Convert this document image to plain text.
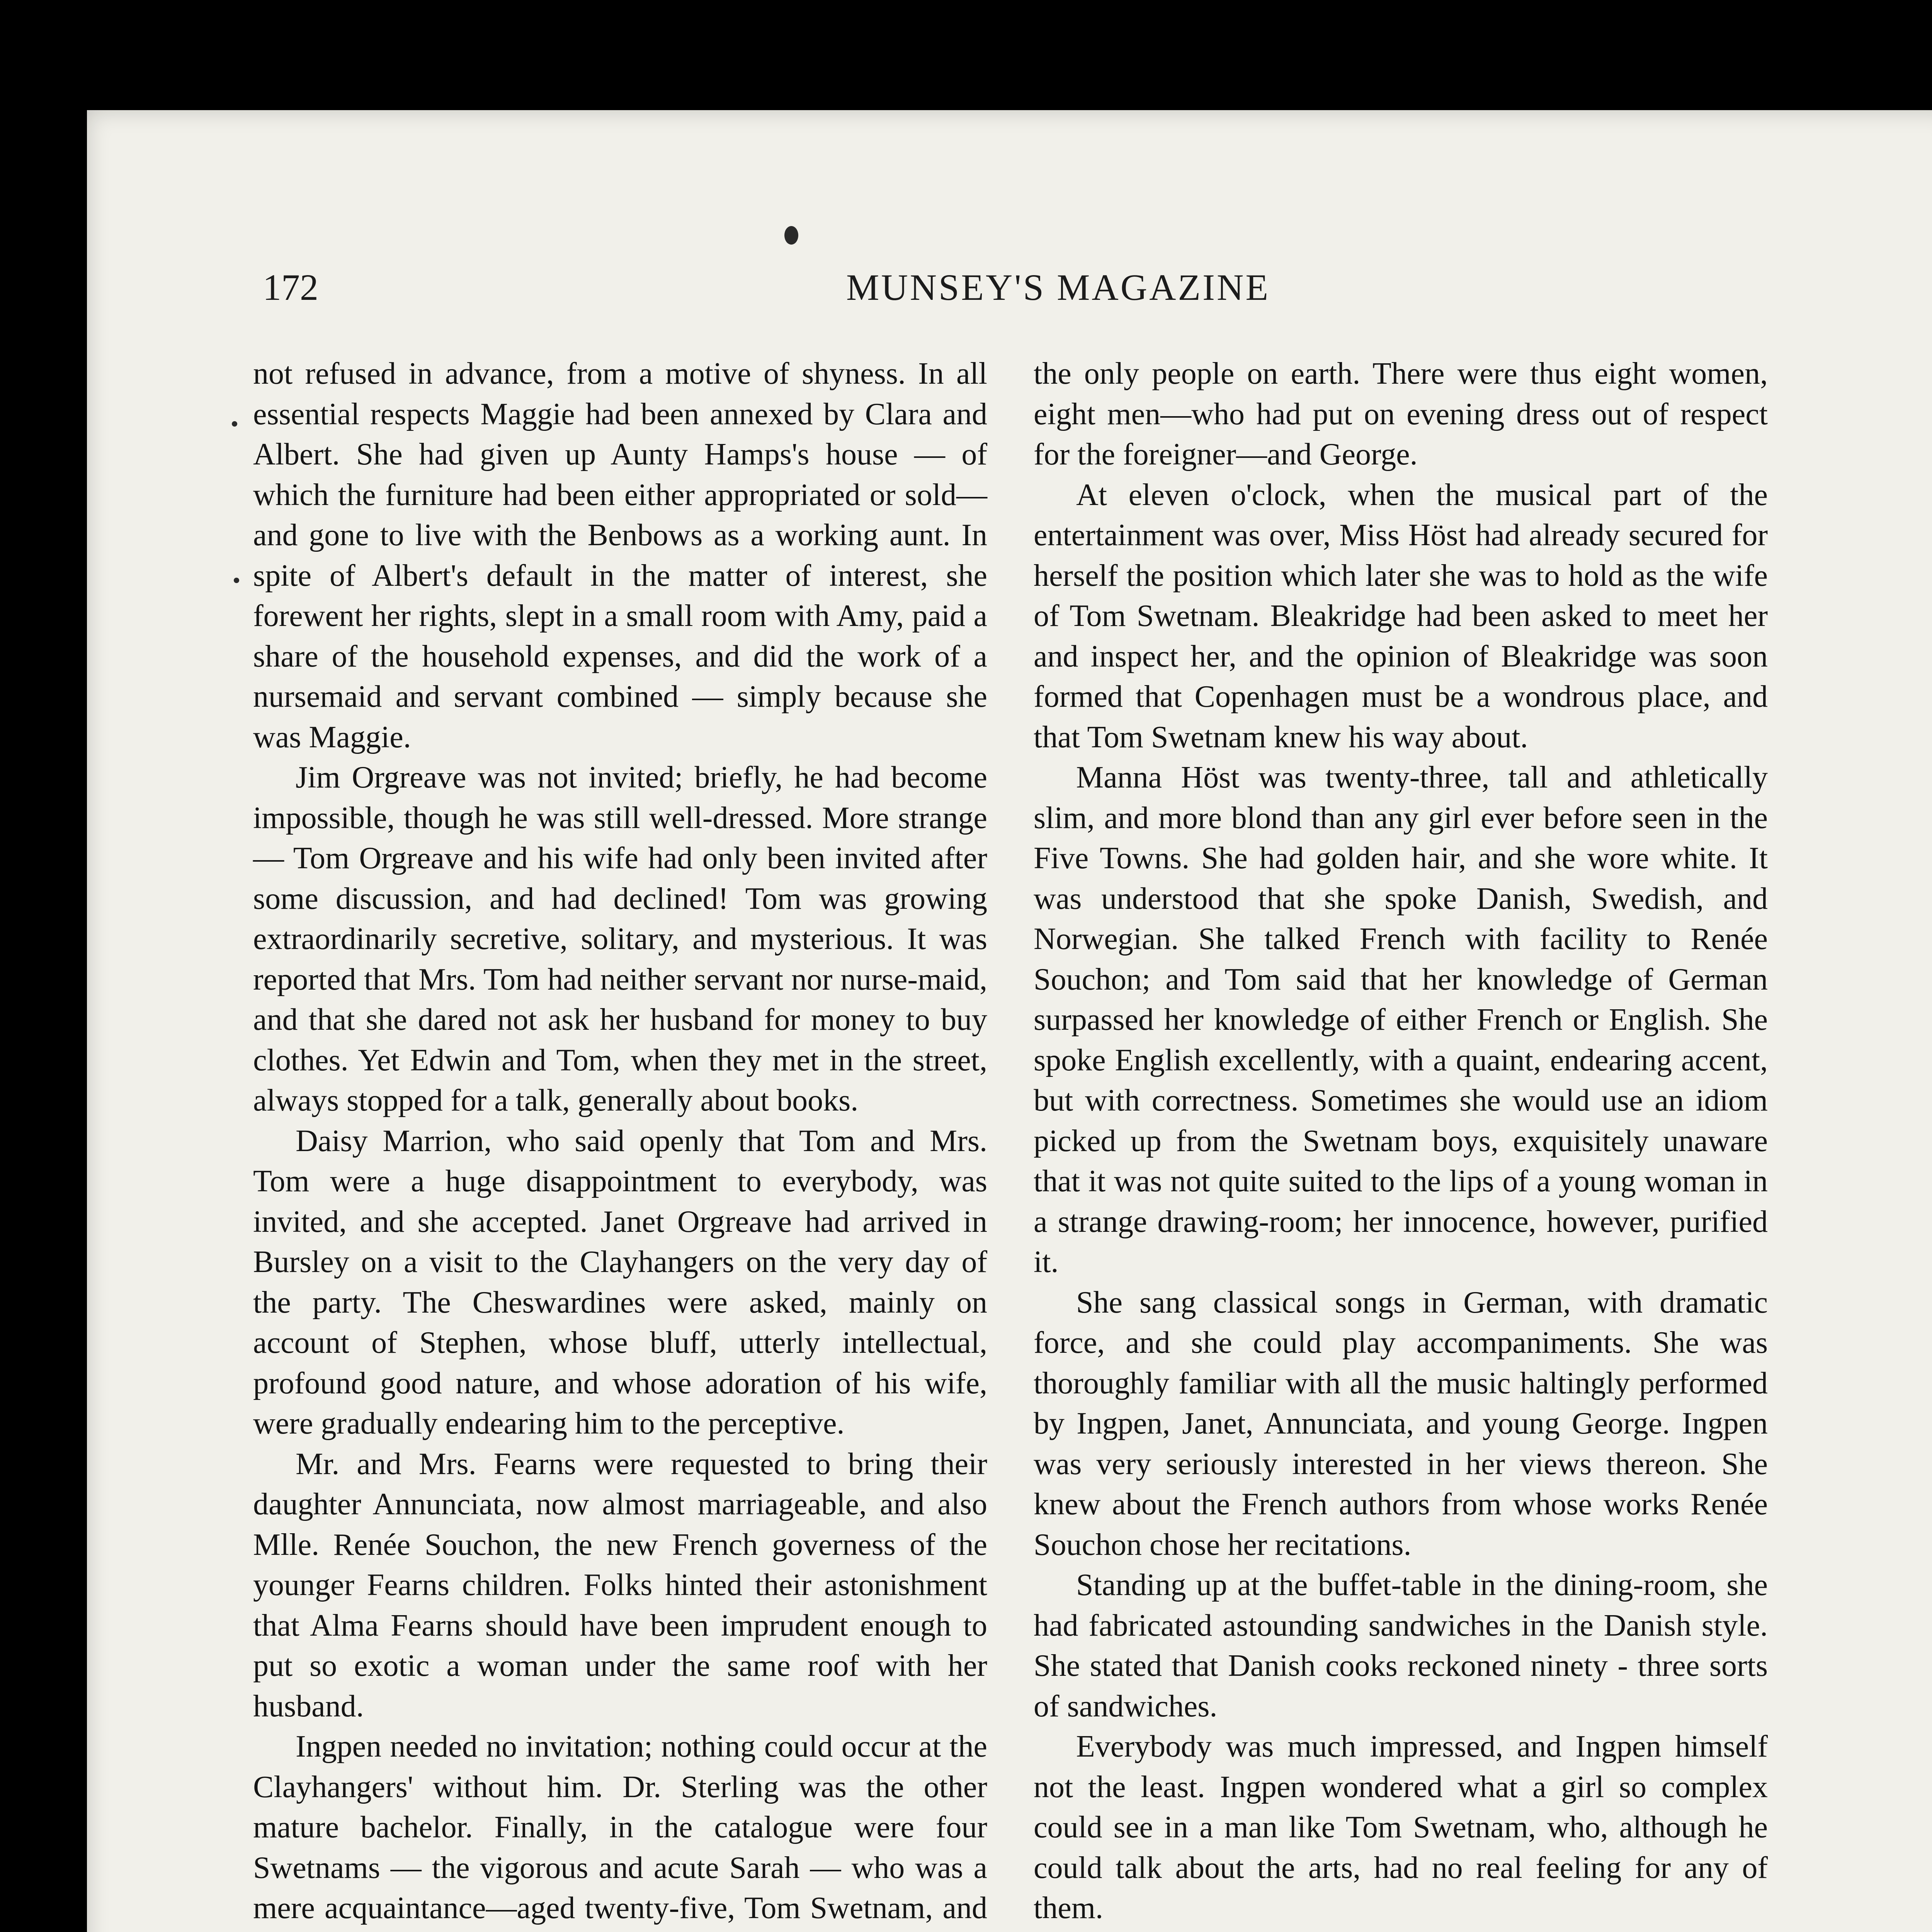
172	MUNSEY'S MAGAZINE

not refused in advance, from a motive of shyness. In all essential respects Maggie had been annexed by Clara and Albert. She had given up Aunty Hamps's house — of which the furniture had been either appropriated or sold—and gone to live with the Benbows as a working aunt. In spite of Albert's default in the matter of interest, she forewent her rights, slept in a small room with Amy, paid a share of the household expenses, and did the work of a nursemaid and servant combined — simply because she was Maggie.

Jim Orgreave was not invited; briefly, he had become impossible, though he was still well-dressed. More strange — Tom Orgreave and his wife had only been invited after some discussion, and had declined! Tom was growing extraordinarily secretive, solitary, and mysterious. It was reported that Mrs. Tom had neither servant nor nurse-maid, and that she dared not ask her husband for money to buy clothes. Yet Edwin and Tom, when they met in the street, always stopped for a talk, generally about books.

Daisy Marrion, who said openly that Tom and Mrs. Tom were a huge disappointment to everybody, was invited, and she accepted. Janet Orgreave had arrived in Bursley on a visit to the Clayhangers on the very day of the party. The Cheswardines were asked, mainly on account of Stephen, whose bluff, utterly intellectual, profound good nature, and whose adoration of his wife, were gradually endearing him to the perceptive.

Mr. and Mrs. Fearns were requested to bring their daughter Annunciata, now almost marriageable, and also Mlle. Renée Souchon, the new French governess of the younger Fearns children. Folks hinted their astonishment that Alma Fearns should have been imprudent enough to put so exotic a woman under the same roof with her husband.

Ingpen needed no invitation; nothing could occur at the Clayhangers' without him. Dr. Sterling was the other mature bachelor. Finally, in the catalogue were four Swetnams — the vigorous and acute Sarah — who was a mere acquaintance—aged twenty-five, Tom Swetnam, and

the only people on earth. There were thus eight women, eight men—who had put on evening dress out of respect for the foreigner—and George.

At eleven o'clock, when the musical part of the entertainment was over, Miss Höst had already secured for herself the position which later she was to hold as the wife of Tom Swetnam. Bleakridge had been asked to meet her and inspect her, and the opinion of Bleakridge was soon formed that Copenhagen must be a wondrous place, and that Tom Swetnam knew his way about.

Manna Höst was twenty-three, tall and athletically slim, and more blond than any girl ever before seen in the Five Towns. She had golden hair, and she wore white. It was understood that she spoke Danish, Swedish, and Norwegian. She talked French with facility to Renée Souchon; and Tom said that her knowledge of German surpassed her knowledge of either French or English. She spoke English excellently, with a quaint, endearing accent, but with correctness. Sometimes she would use an idiom picked up from the Swetnam boys, exquisitely unaware that it was not quite suited to the lips of a young woman in a strange drawing-room; her innocence, however, purified it.

She sang classical songs in German, with dramatic force, and she could play accompaniments. She was thoroughly familiar with all the music haltingly performed by Ingpen, Janet, Annunciata, and young George. Ingpen was very seriously interested in her views thereon. She knew about the French authors from whose works Renée Souchon chose her recitations.

Standing up at the buffet-table in the dining-room, she had fabricated astounding sandwiches in the Danish style. She stated that Danish cooks reckoned ninety - three sorts of sandwiches.

Everybody was much impressed, and Ingpen himself not the least. Ingpen wondered what a girl so complex could see in a man like Tom Swetnam, who, although he could talk about the arts, had no real feeling for any of them.
